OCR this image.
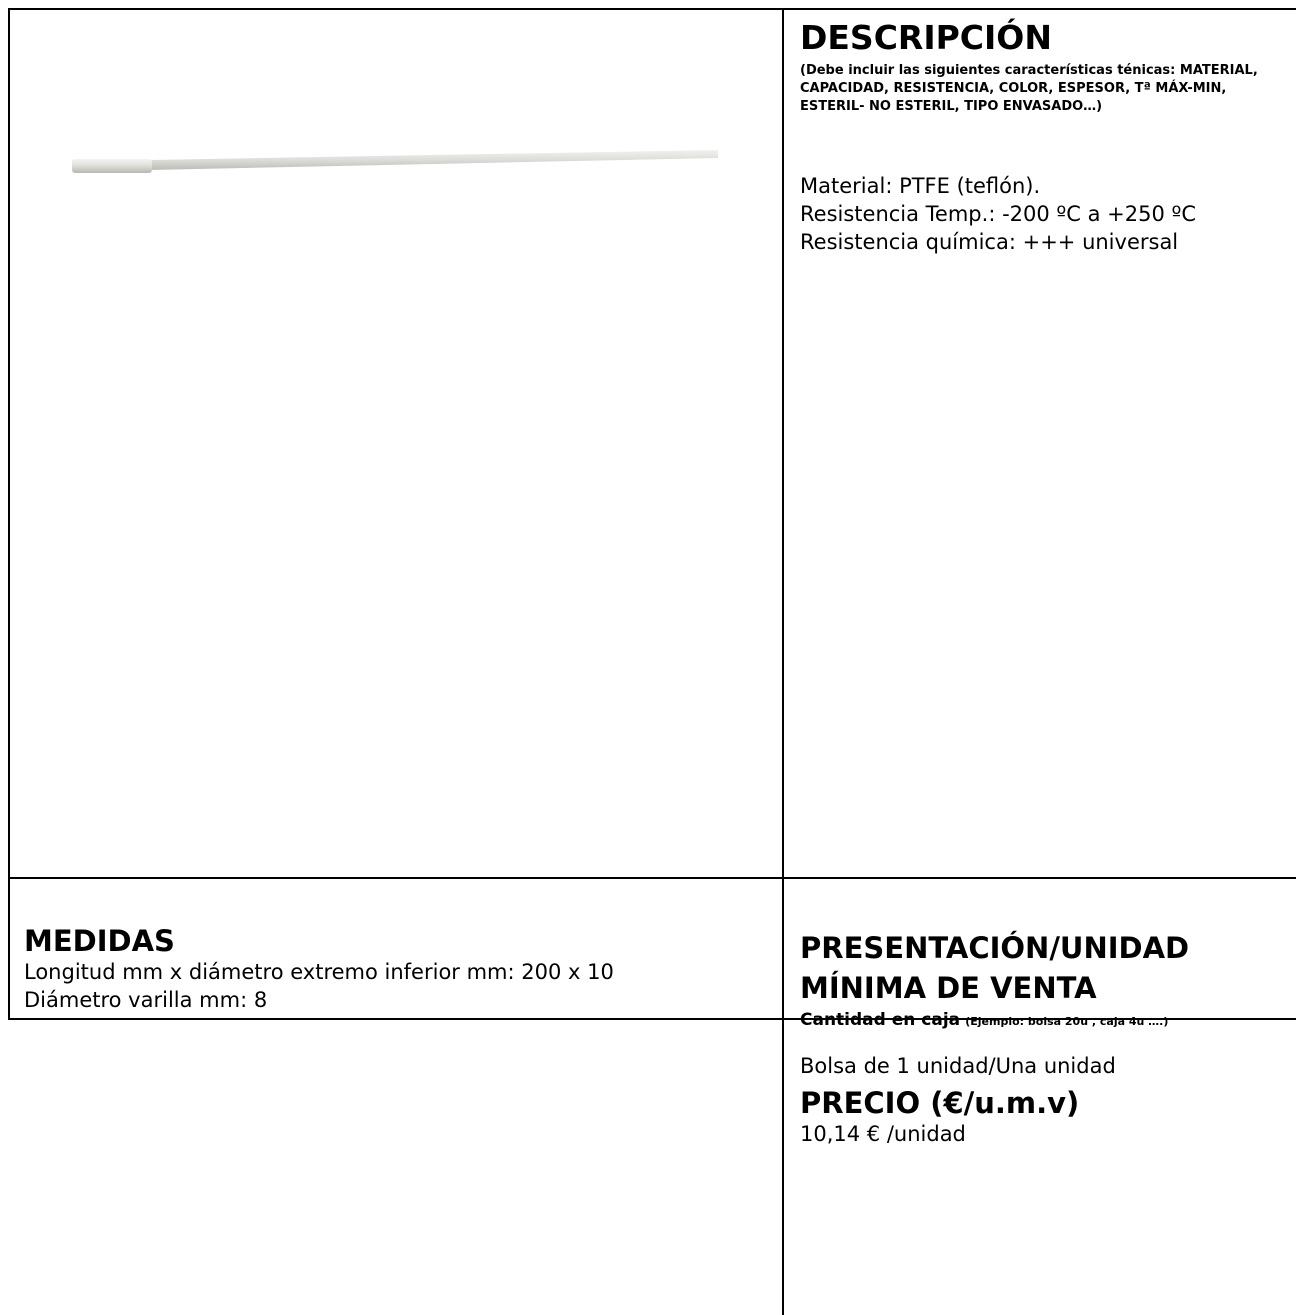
DESCRIPCIÓN
(Debe incluir las siguientes características ténicas: MATERIAL, CAPACIDAD, RESISTENCIA, COLOR, ESPESOR, Tª MÁX-MIN, ESTERIL- NO ESTERIL, TIPO ENVASADO…)
Material: PTFE (teflón).
Resistencia Temp.: -200 ºC a +250 ºC
Resistencia química: +++ universal
MEDIDAS
Longitud mm x diámetro extremo inferior mm: 200 x 10
Diámetro varilla mm: 8
PRESENTACIÓN/UNIDAD
MÍNIMA DE VENTA
Cantidad en caja (Ejemplo: bolsa 20u , caja 4u ….)
Bolsa de 1 unidad/Una unidad
PRECIO (€/u.m.v)
10,14 € /unidad
